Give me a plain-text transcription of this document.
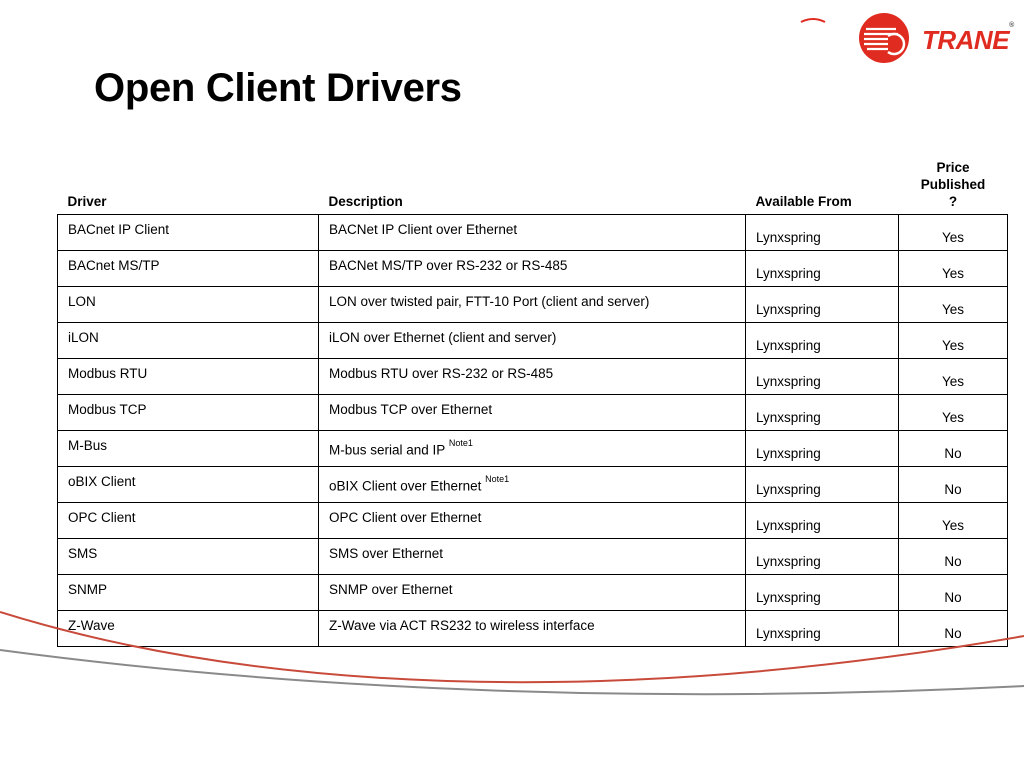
Open Client Drivers
TRANE®
Driver	Description	Available From	Price
Published
?
BACnet IP Client	BACNet IP Client over Ethernet	Lynxspring	Yes
BACnet MS/TP	BACNet MS/TP over RS-232 or RS-485	Lynxspring	Yes
LON	LON over twisted pair, FTT-10 Port (client and server)	Lynxspring	Yes
iLON	iLON over Ethernet (client and server)	Lynxspring	Yes
Modbus RTU	Modbus RTU over RS-232 or RS-485	Lynxspring	Yes
Modbus TCP	Modbus TCP over Ethernet	Lynxspring	Yes
M-Bus	M-bus serial and IP $^{Note1}$	Lynxspring	No
oBIX Client	oBIX Client over Ethernet $^{Note1}$	Lynxspring	No
OPC Client	OPC Client over Ethernet	Lynxspring	Yes
SMS	SMS over Ethernet	Lynxspring	No
SNMP	SNMP over Ethernet	Lynxspring	No
Z-Wave	Z-Wave via ACT RS232 to wireless interface	Lynxspring	No
